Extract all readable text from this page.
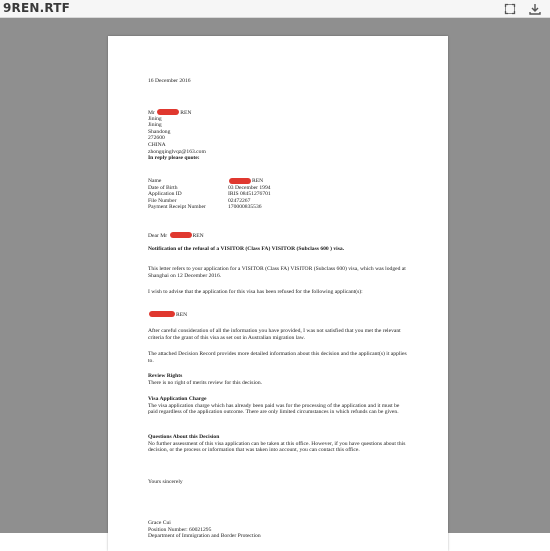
9REN.RTF
16 December 2016
Mr	REN
Jining
Jining
Shandong
272600
CHINA
zhongqinglvqz@163.com
In reply please quote:
Name	REN
Date of Birth	03 December 1994
Application ID	IRIS 08451276701
File Number	02472267
Payment Receipt Number	170000835536
Dear Mr	REN
Notification of the refusal of a VISITOR (Class FA) VISITOR (Subclass 600 ) visa.
This letter refers to your application for a VISITOR (Class FA) VISITOR (Subclass 600) visa, which was lodged at Shanghai on 12 December 2016.
I wish to advise that the application for this visa has been refused for the following applicant(s):
REN
After careful consideration of all the information you have provided, I was not satisfied that you met the relevant criteria for the grant of this visa as set out in Australian migration law.
The attached Decision Record provides more detailed information about this decision and the applicant(s) it applies to.
Review Rights
There is no right of merits review for this decision.
Visa Application Charge
The visa application charge which has already been paid was for the processing of the application and it must be paid regardless of the application outcome. There are only limited circumstances in which refunds can be given.
Questions About this Decision
No further assessment of this visa application can be taken at this office. However, if you have questions about this decision, or the process or information that was taken into account, you can contact this office.
Yours sincerely
Grace Cui
Position Number: 60021295
Department of Immigration and Border Protection
